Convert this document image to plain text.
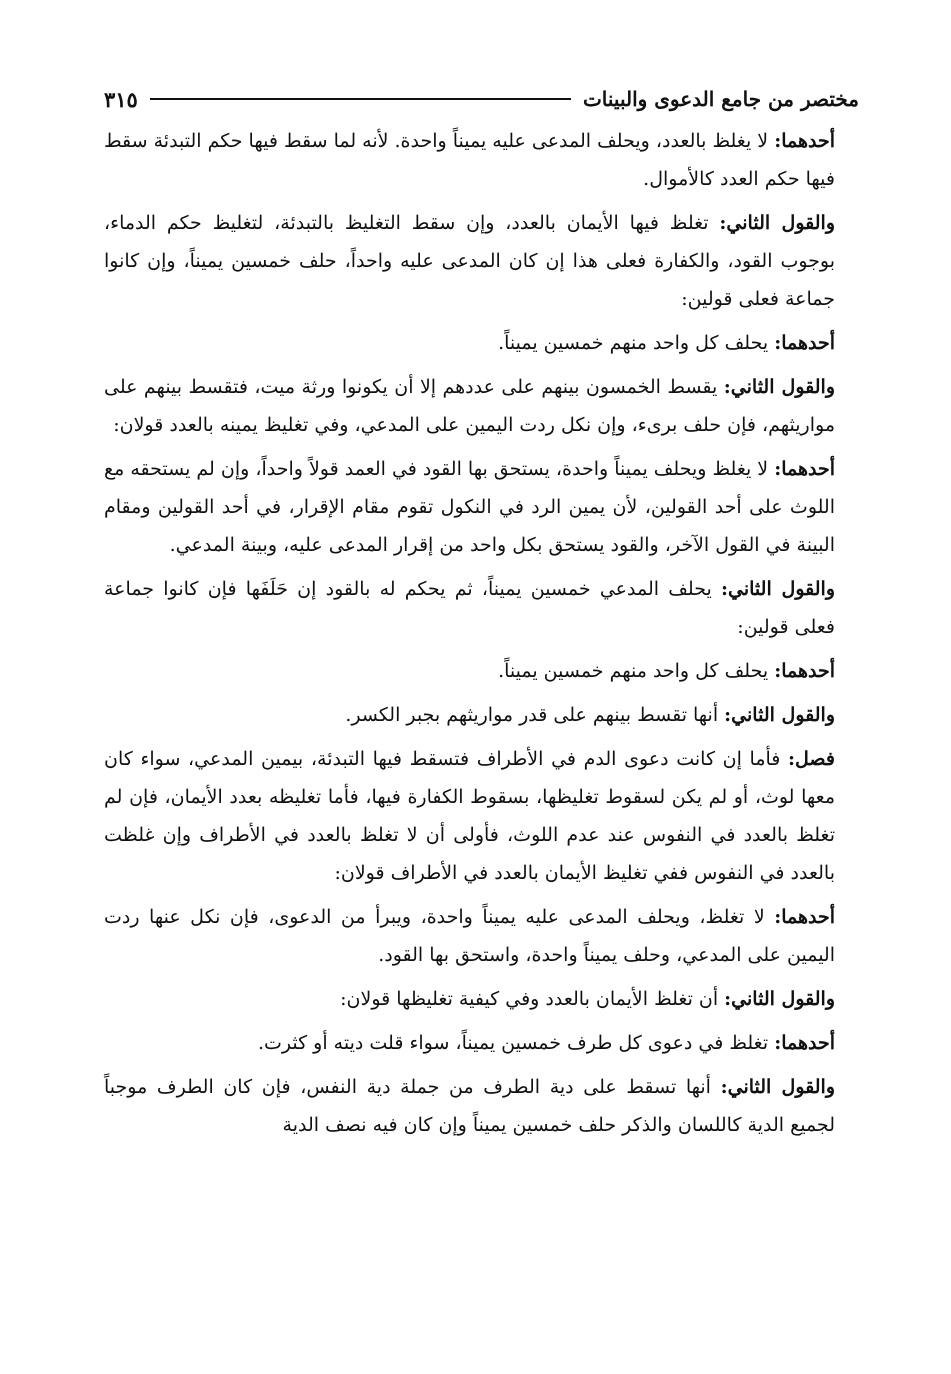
مختصر من جامع الدعوى والبينات
٣١٥

أحدهما: لا يغلظ بالعدد، ويحلف المدعى عليه يميناً واحدة. لأنه لما سقط فيها حكم التبدئة سقط فيها حكم العدد كالأموال.

والقول الثاني: تغلظ فيها الأيمان بالعدد، وإن سقط التغليظ بالتبدئة، لتغليظ حكم الدماء، بوجوب القود، والكفارة فعلى هذا إن كان المدعى عليه واحداً، حلف خمسين يميناً، وإن كانوا جماعة فعلى قولين:

أحدهما: يحلف كل واحد منهم خمسين يميناً.

والقول الثاني: يقسط الخمسون بينهم على عددهم إلا أن يكونوا ورثة ميت، فتقسط بينهم على مواريثهم، فإن حلف برىء، وإن نكل ردت اليمين على المدعي، وفي تغليظ يمينه بالعدد قولان:

أحدهما: لا يغلظ ويحلف يميناً واحدة، يستحق بها القود في العمد قولاً واحداً، وإن لم يستحقه مع اللوث على أحد القولين، لأن يمين الرد في النكول تقوم مقام الإقرار، في أحد القولين ومقام البينة في القول الآخر، والقود يستحق بكل واحد من إقرار المدعى عليه، وبينة المدعي.

والقول الثاني: يحلف المدعي خمسين يميناً، ثم يحكم له بالقود إن حَلَفَها فإن كانوا جماعة فعلى قولين:

أحدهما: يحلف كل واحد منهم خمسين يميناً.

والقول الثاني: أنها تقسط بينهم على قدر مواريثهم بجبر الكسر.

فصل: فأما إن كانت دعوى الدم في الأطراف فتسقط فيها التبدئة، بيمين المدعي، سواء كان معها لوث، أو لم يكن لسقوط تغليظها، بسقوط الكفارة فيها، فأما تغليظه بعدد الأيمان، فإن لم تغلظ بالعدد في النفوس عند عدم اللوث، فأولى أن لا تغلظ بالعدد في الأطراف وإن غلظت بالعدد في النفوس ففي تغليظ الأيمان بالعدد في الأطراف قولان:

أحدهما: لا تغلظ، ويحلف المدعى عليه يميناً واحدة، ويبرأ من الدعوى، فإن نكل عنها ردت اليمين على المدعي، وحلف يميناً واحدة، واستحق بها القود.

والقول الثاني: أن تغلظ الأيمان بالعدد وفي كيفية تغليظها قولان:

أحدهما: تغلظ في دعوى كل طرف خمسين يميناً، سواء قلت ديته أو كثرت.

والقول الثاني: أنها تسقط على دية الطرف من جملة دية النفس، فإن كان الطرف موجباً لجميع الدية كاللسان والذكر حلف خمسين يميناً وإن كان فيه نصف الدية
